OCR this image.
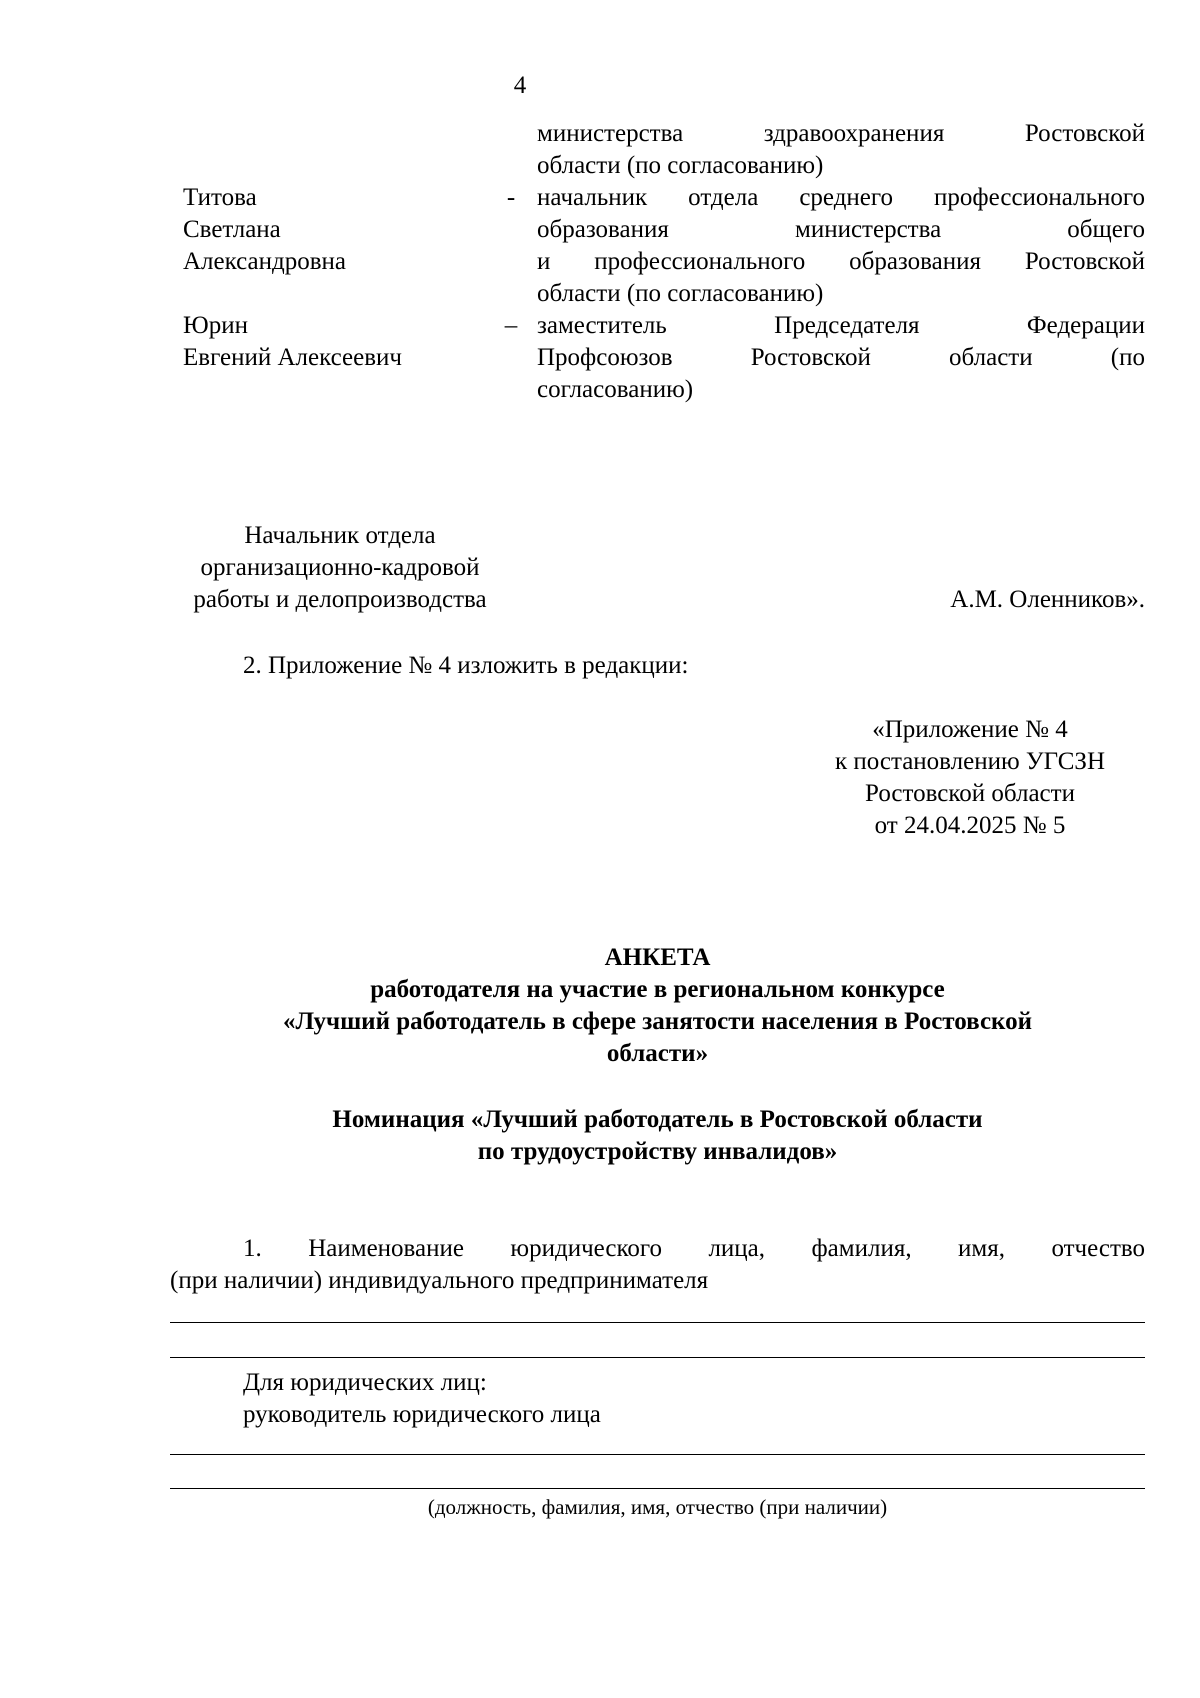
4
министерства здравоохранения Ростовской
области (по согласованию)
Титова
Светлана
Александровна
- начальник отдела среднего профессионального
образования министерства общего
и профессионального образования Ростовской
области (по согласованию)
Юрин
Евгений Алексеевич
– заместитель Председателя Федерации
Профсоюзов Ростовской области (по
согласованию)
Начальник отдела
организационно-кадровой
работы и делопроизводства	А.М. Оленников».
2. Приложение № 4 изложить в редакции:
«Приложение № 4
к постановлению УГСЗН
Ростовской области
от 24.04.2025 № 5
АНКЕТА
работодателя на участие в региональном конкурсе
«Лучший работодатель в сфере занятости населения в Ростовской
области»
Номинация «Лучший работодатель в Ростовской области
по трудоустройству инвалидов»
1. Наименование юридического лица, фамилия, имя, отчество
(при наличии) индивидуального предпринимателя
Для юридических лиц:
руководитель юридического лица
(должность, фамилия, имя, отчество (при наличии)
